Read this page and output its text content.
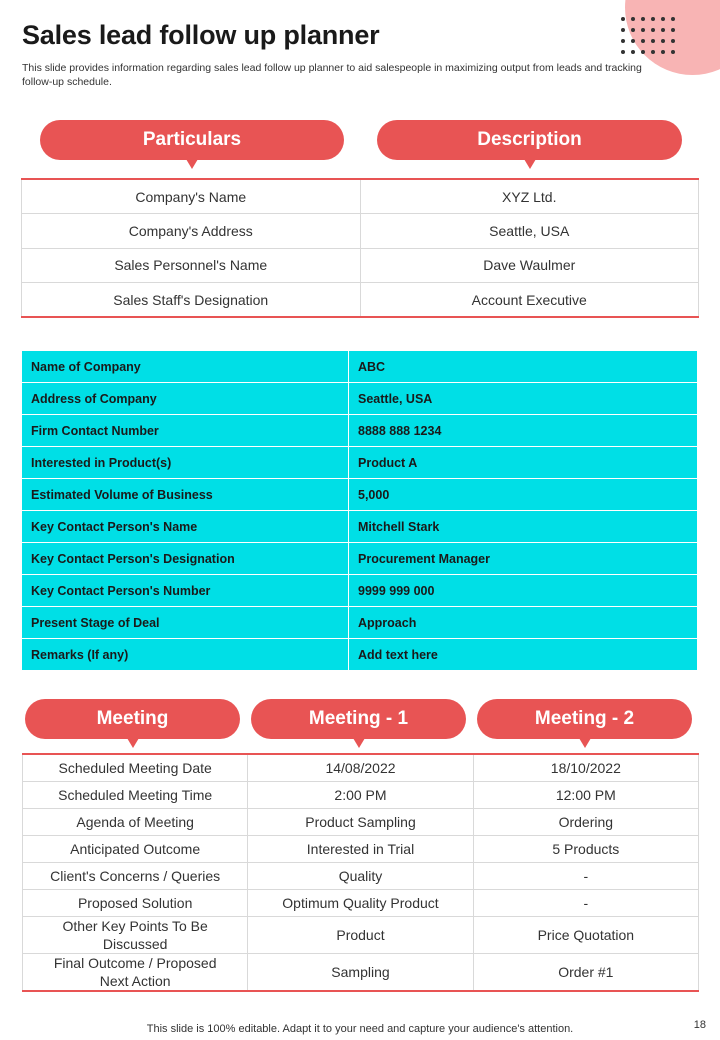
Sales lead follow up planner
This slide provides information regarding sales lead follow up planner to aid salespeople in maximizing output from leads and tracking follow-up schedule.
Particulars	Description
Company's Name	XYZ Ltd.
Company's Address	Seattle, USA
Sales Personnel's Name	Dave Waulmer
Sales Staff's Designation	Account Executive
Name of Company	ABC
Address of Company	Seattle, USA
Firm Contact Number	8888 888 1234
Interested in Product(s)	Product A
Estimated Volume of Business	5,000
Key Contact Person's Name	Mitchell Stark
Key Contact Person's Designation	Procurement Manager
Key Contact Person's Number	9999 999 000
Present Stage of Deal	Approach
Remarks (If any)	Add text here
Meeting	Meeting - 1	Meeting - 2
Scheduled Meeting Date	14/08/2022	18/10/2022
Scheduled Meeting Time	2:00 PM	12:00 PM
Agenda of Meeting	Product Sampling	Ordering
Anticipated Outcome	Interested in Trial	5 Products
Client's Concerns / Queries	Quality	-
Proposed Solution	Optimum Quality Product	-
Other Key Points To Be Discussed	Product	Price Quotation
Final Outcome / Proposed Next Action	Sampling	Order #1
This slide is 100% editable. Adapt it to your need and capture your audience's attention.	18
